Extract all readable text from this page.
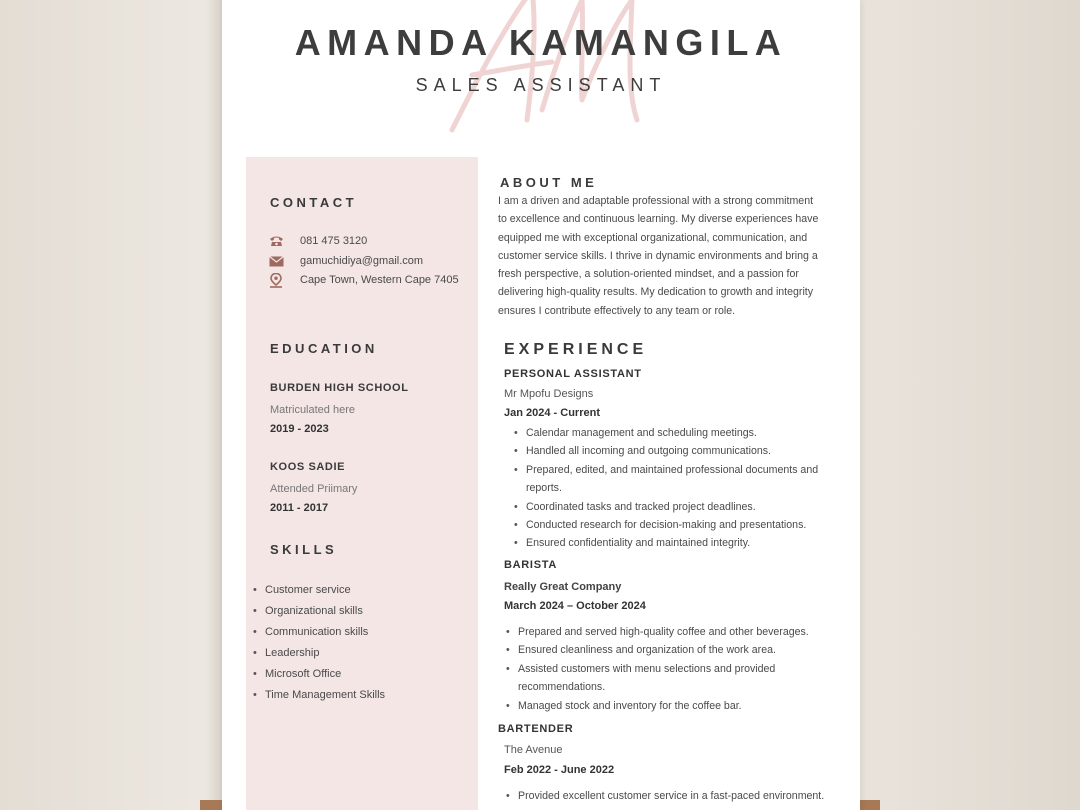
AMANDA KAMANGILA
SALES ASSISTANT
CONTACT
081 475 3120
gamuchidiya@gmail.com
Cape Town, Western Cape 7405
EDUCATION
BURDEN HIGH SCHOOL
Matriculated here
2019 - 2023
KOOS SADIE
Attended Priimary
2011 - 2017
SKILLS
• Customer service
• Organizational skills
• Communication skills
• Leadership
• Microsoft Office
• Time Management Skills
ABOUT ME
I am a driven and adaptable professional with a strong commitment
to excellence and continuous learning. My diverse experiences have
equipped me with exceptional organizational, communication, and
customer service skills. I thrive in dynamic environments and bring a
fresh perspective, a solution-oriented mindset, and a passion for
delivering high-quality results. My dedication to growth and integrity
ensures I contribute effectively to any team or role.
EXPERIENCE
PERSONAL ASSISTANT
Mr Mpofu Designs
Jan 2024 - Current
• Calendar management and scheduling meetings.
• Handled all incoming and outgoing communications.
• Prepared, edited, and maintained professional documents and
reports.
• Coordinated tasks and tracked project deadlines.
• Conducted research for decision-making and presentations.
• Ensured confidentiality and maintained integrity.
BARISTA
Really Great Company
March 2024 – October 2024
• Prepared and served high-quality coffee and other beverages.
• Ensured cleanliness and organization of the work area.
• Assisted customers with menu selections and provided
recommendations.
• Managed stock and inventory for the coffee bar.
BARTENDER
The Avenue
Feb 2022 - June 2022
• Provided excellent customer service in a fast-paced environment.
